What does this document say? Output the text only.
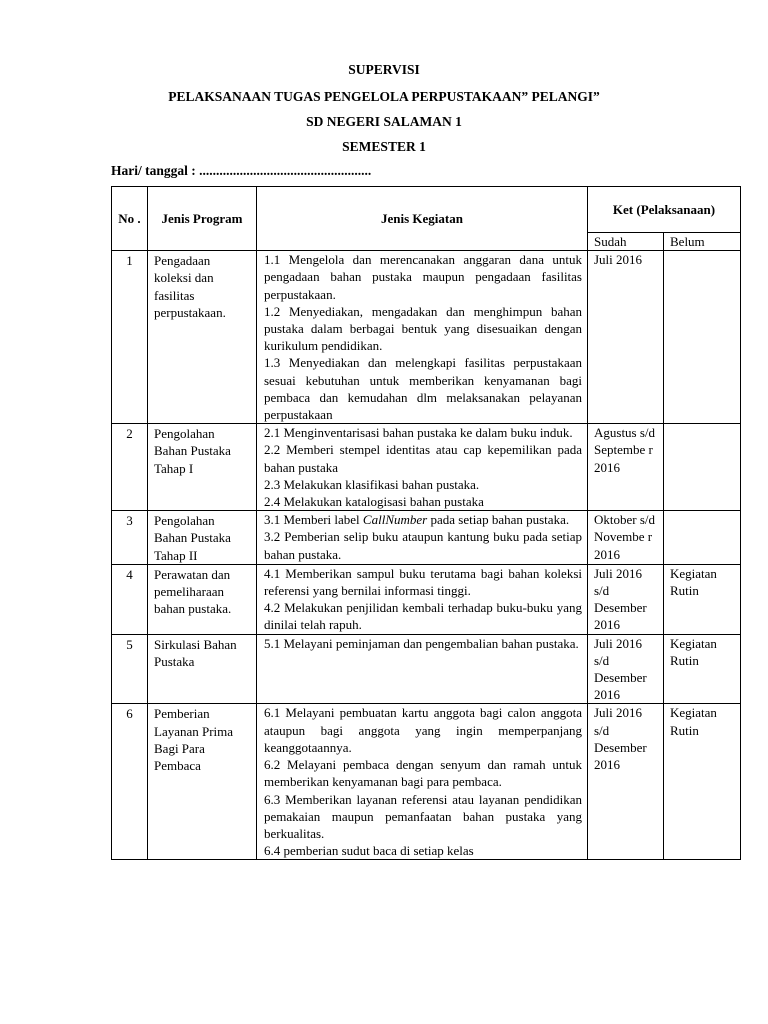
SUPERVISI
PELAKSANAAN TUGAS PENGELOLA PERPUSTAKAAN” PELANGI”
SD NEGERI SALAMAN 1
SEMESTER 1
Hari/ tanggal : ...................................................
No .	Jenis Program	Jenis Kegiatan	Ket (Pelaksanaan)	
			Sudah	Belum
1	Pengadaan koleksi dan fasilitas perpustakaan.	1.1 Mengelola dan merencanakan anggaran dana untuk pengadaan bahan pustaka maupun pengadaan fasilitas perpustakaan.

1.2 Menyediakan, mengadakan dan menghimpun bahan pustaka dalam berbagai bentuk yang disesuaikan dengan kurikulum pendidikan.

1.3 Menyediakan dan melengkapi fasilitas perpustakaan sesuai kebutuhan untuk memberikan kenyamanan bagi pembaca dan kemudahan dlm melaksanakan pelayanan perpustakaan	Juli 2016	
2	Pengolahan Bahan Pustaka Tahap I	2.1 Menginventarisasi bahan pustaka ke dalam buku induk.

2.2 Memberi stempel identitas atau cap kepemilikan pada bahan pustaka

2.3 Melakukan klasifikasi bahan pustaka.

2.4 Melakukan katalogisasi bahan pustaka	Agustus s/d Septembe r 2016	
3	Pengolahan Bahan Pustaka Tahap II	3.1 Memberi label CallNumber pada setiap bahan pustaka.

3.2 Pemberian selip buku ataupun kantung buku pada setiap bahan pustaka.	Oktober s/d Novembe r 2016	
4	Perawatan dan pemeliharaan bahan pustaka.	4.1 Memberikan sampul buku terutama bagi bahan koleksi referensi yang bernilai informasi tinggi.

4.2 Melakukan penjilidan kembali terhadap buku-buku yang dinilai telah rapuh.	Juli 2016 s/d Desember 2016	Kegiatan Rutin
5	Sirkulasi Bahan Pustaka	5.1 Melayani peminjaman dan pengembalian bahan pustaka.	Juli 2016 s/d Desember 2016	Kegiatan Rutin
6	Pemberian Layanan Prima Bagi Para Pembaca	6.1 Melayani pembuatan kartu anggota bagi calon anggota ataupun bagi anggota yang ingin memperpanjang keanggotaannya.

6.2 Melayani pembaca dengan senyum dan ramah untuk memberikan kenyamanan bagi para pembaca.

6.3 Memberikan layanan referensi atau layanan pendidikan pemakaian maupun pemanfaatan bahan pustaka yang berkualitas.

6.4 pemberian sudut baca di setiap kelas	Juli 2016 s/d Desember 2016	Kegiatan Rutin
